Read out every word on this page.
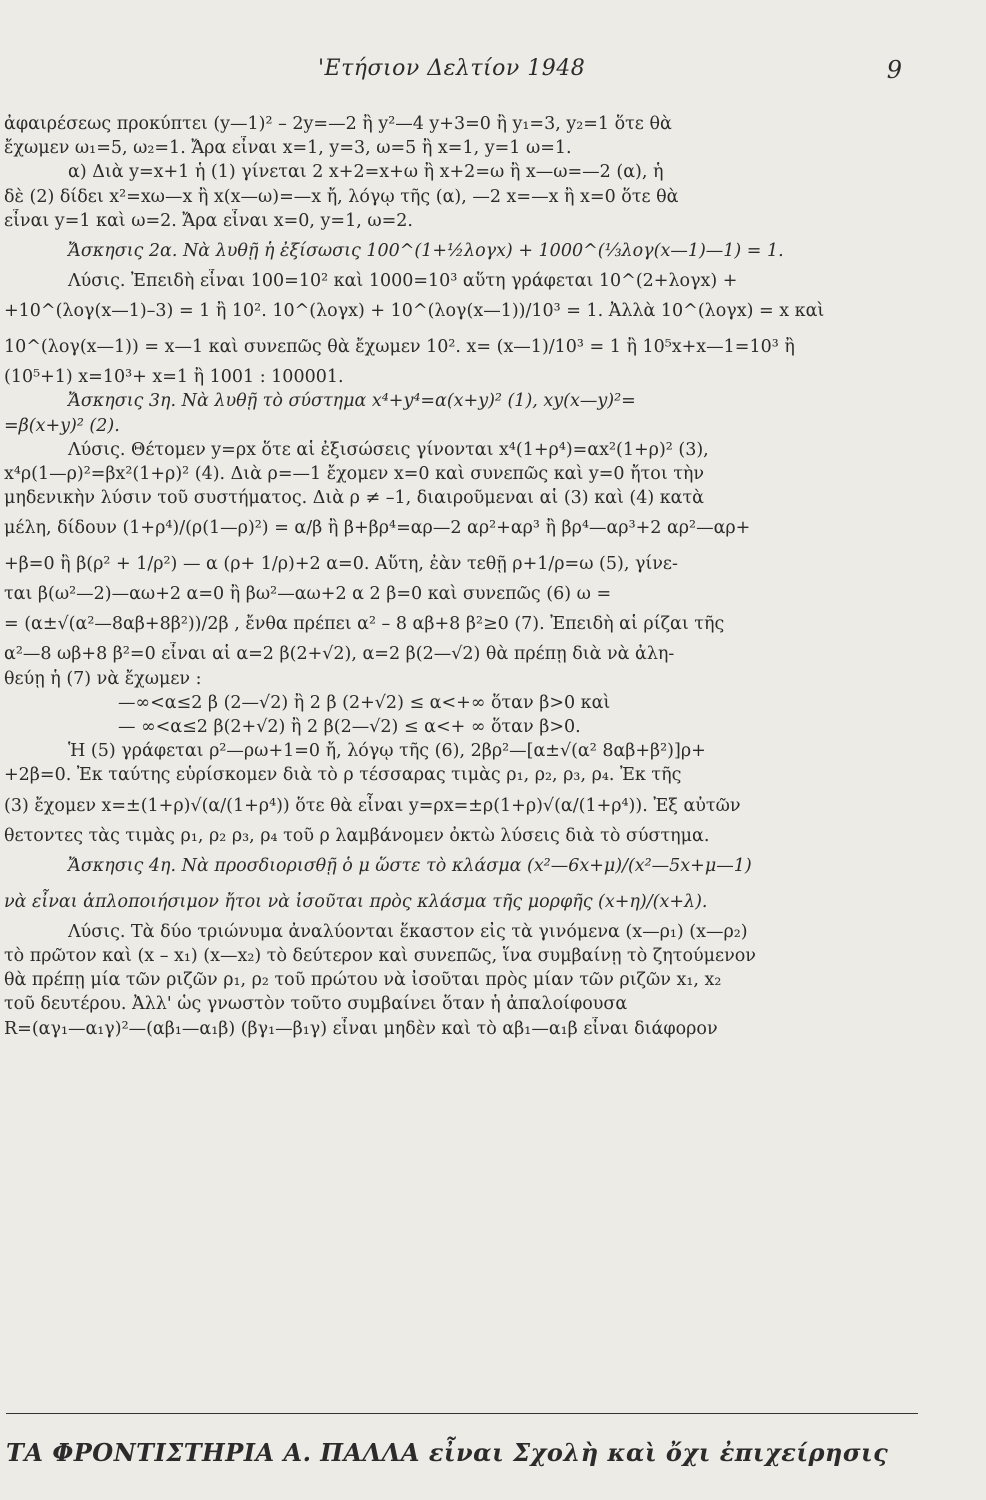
'Ετήσιον Δελτίον 1948	9
ἀφαιρέσεως προκύπτει (y—1)² – 2y=—2 ἢ y²—4 y+3=0 ἢ y₁=3, y₂=1 ὅτε θὰ
ἔχωμεν ω₁=5, ω₂=1. Ἄρα εἶναι x=1, y=3, ω=5 ἢ x=1, y=1 ω=1.
α) Διὰ y=x+1 ἡ (1) γίνεται 2 x+2=x+ω ἢ x+2=ω ἢ x—ω=—2 (α), ἡ
δὲ (2) δίδει x²=xω—x ἢ x(x—ω)=—x ἤ, λόγῳ τῆς (α), —2 x=—x ἢ x=0 ὅτε θὰ
εἶναι y=1 καὶ ω=2. Ἄρα εἶναι x=0, y=1, ω=2.
Ἄσκησις 2α. Νὰ λυθῇ ἡ ἐξίσωσις 100^(1+½λογx) + 1000^(⅓λογ(x—1)—1) = 1.
Λύσις. Ἐπειδὴ εἶναι 100=10² καὶ 1000=10³ αὕτη γράφεται 10^(2+λογx) +
+10^(λογ(x—1)–3) = 1 ἢ 10². 10^(λογx) + 10^(λογ(x—1))/10³ = 1. Ἀλλὰ 10^(λογx) = x καὶ
10^(λογ(x—1)) = x—1 καὶ συνεπῶς θὰ ἔχωμεν 10². x= (x—1)/10³ = 1 ἢ 10⁵x+x—1=10³ ἢ
(10⁵+1) x=10³+ x=1 ἢ 1001 : 100001.
Ἄσκησις 3η. Νὰ λυθῇ τὸ σύστημα x⁴+y⁴=α(x+y)² (1), xy(x—y)²=
=β(x+y)² (2).
Λύσις. Θέτομεν y=ρx ὅτε αἱ ἐξισώσεις γίνονται x⁴(1+ρ⁴)=αx²(1+ρ)² (3),
x⁴ρ(1—ρ)²=βx²(1+ρ)² (4). Διὰ ρ=—1 ἔχομεν x=0 καὶ συνεπῶς καὶ y=0 ἤτοι τὴν
μηδενικὴν λύσιν τοῦ συστήματος. Διὰ ρ ≠ –1, διαιροῦμεναι αἱ (3) καὶ (4) κατὰ
μέλη, δίδουν (1+ρ⁴)/(ρ(1—ρ)²) = α/β ἢ β+βρ⁴=αρ—2 αρ²+αρ³ ἢ βρ⁴—αρ³+2 αρ²—αρ+
+β=0 ἢ β(ρ² + 1/ρ²) — α (ρ+ 1/ρ)+2 α=0. Αὕτη, ἐὰν τεθῇ ρ+1/ρ=ω (5), γίνε-
ται β(ω²—2)—αω+2 α=0 ἢ βω²—αω+2 α 2 β=0 καὶ συνεπῶς (6) ω =
= (α±√(α²—8αβ+8β²))/2β , ἔνθα πρέπει α² – 8 αβ+8 β²≥0 (7). Ἐπειδὴ αἱ ρίζαι τῆς
α²—8 ωβ+8 β²=0 εἶναι αἱ α=2 β(2+√2), α=2 β(2—√2) θὰ πρέπῃ διὰ νὰ ἀλη-
θεύῃ ἡ (7) νὰ ἔχωμεν :
—∞<α≤2 β (2—√2) ἢ 2 β (2+√2) ≤ α<+∞ ὅταν β>0 καὶ
— ∞<α≤2 β(2+√2) ἢ 2 β(2—√2) ≤ α<+ ∞ ὅταν β>0.
Ἡ (5) γράφεται ρ²—ρω+1=0 ἤ, λόγῳ τῆς (6), 2βρ²—[α±√(α² 8αβ+β²)]ρ+
+2β=0. Ἐκ ταύτης εὑρίσκομεν διὰ τὸ ρ τέσσαρας τιμὰς ρ₁, ρ₂, ρ₃, ρ₄. Ἐκ τῆς
(3) ἔχομεν x=±(1+ρ)√(α/(1+ρ⁴)) ὅτε θὰ εἶναι y=ρx=±ρ(1+ρ)√(α/(1+ρ⁴)). Ἐξ αὐτῶν
θετοντες τὰς τιμὰς ρ₁, ρ₂ ρ₃, ρ₄ τοῦ ρ λαμβάνομεν ὀκτὼ λύσεις διὰ τὸ σύστημα.
Ἄσκησις 4η. Νὰ προσδιορισθῇ ὁ μ ὥστε τὸ κλάσμα (x²—6x+μ)/(x²—5x+μ—1)
νὰ εἶναι ἁπλοποιήσιμον ἤτοι νὰ ἰσοῦται πρὸς κλάσμα τῆς μορφῆς (x+η)/(x+λ).
Λύσις. Τὰ δύο τριώνυμα ἀναλύονται ἕκαστον εἰς τὰ γινόμενα (x—ρ₁) (x—ρ₂)
τὸ πρῶτον καὶ (x – x₁) (x—x₂) τὸ δεύτερον καὶ συνεπῶς, ἵνα συμβαίνῃ τὸ ζητούμενον
θὰ πρέπῃ μία τῶν ριζῶν ρ₁, ρ₂ τοῦ πρώτου νὰ ἰσοῦται πρὸς μίαν τῶν ριζῶν x₁, x₂
τοῦ δευτέρου. Ἀλλ' ὡς γνωστὸν τοῦτο συμβαίνει ὅταν ἡ ἀπαλοίφουσα
R=(αγ₁—α₁γ)²—(αβ₁—α₁β) (βγ₁—β₁γ) εἶναι μηδὲν καὶ τὸ αβ₁—α₁β εἶναι διάφορον
ΤΑ ΦΡΟΝΤΙΣΤΗΡΙΑ Α. ΠΑΛΛΑ εἶναι Σχολὴ καὶ ὄχι ἐπιχείρησις
